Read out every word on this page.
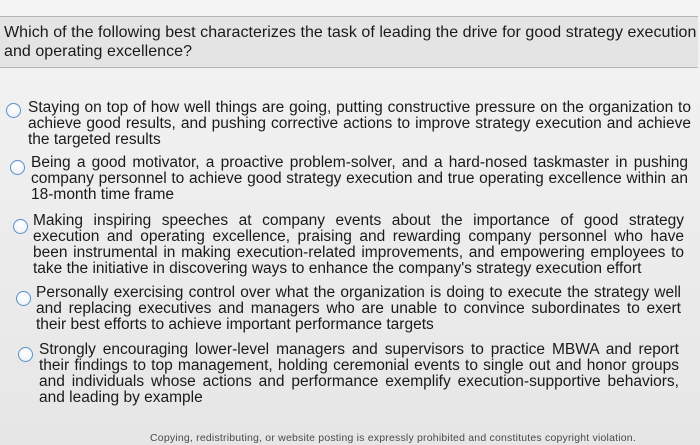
Which of the following best characterizes the task of leading the drive for good strategy execution and operating excellence?
Staying on top of how well things are going, putting constructive pressure on the organization to achieve good results, and pushing corrective actions to improve strategy execution and achieve the targeted results
Being a good motivator, a proactive problem-solver, and a hard-nosed taskmaster in pushing company personnel to achieve good strategy execution and true operating excellence within an 18-month time frame
Making inspiring speeches at company events about the importance of good strategy execution and operating excellence, praising and rewarding company personnel who have been instrumental in making execution-related improvements, and empowering employees to take the initiative in discovering ways to enhance the company's strategy execution effort
Personally exercising control over what the organization is doing to execute the strategy well and replacing executives and managers who are unable to convince subordinates to exert their best efforts to achieve important performance targets
Strongly encouraging lower-level managers and supervisors to practice MBWA and report their findings to top management, holding ceremonial events to single out and honor groups and individuals whose actions and performance exemplify execution-supportive behaviors, and leading by example
Copying, redistributing, or website posting is expressly prohibited and constitutes copyright violation.
